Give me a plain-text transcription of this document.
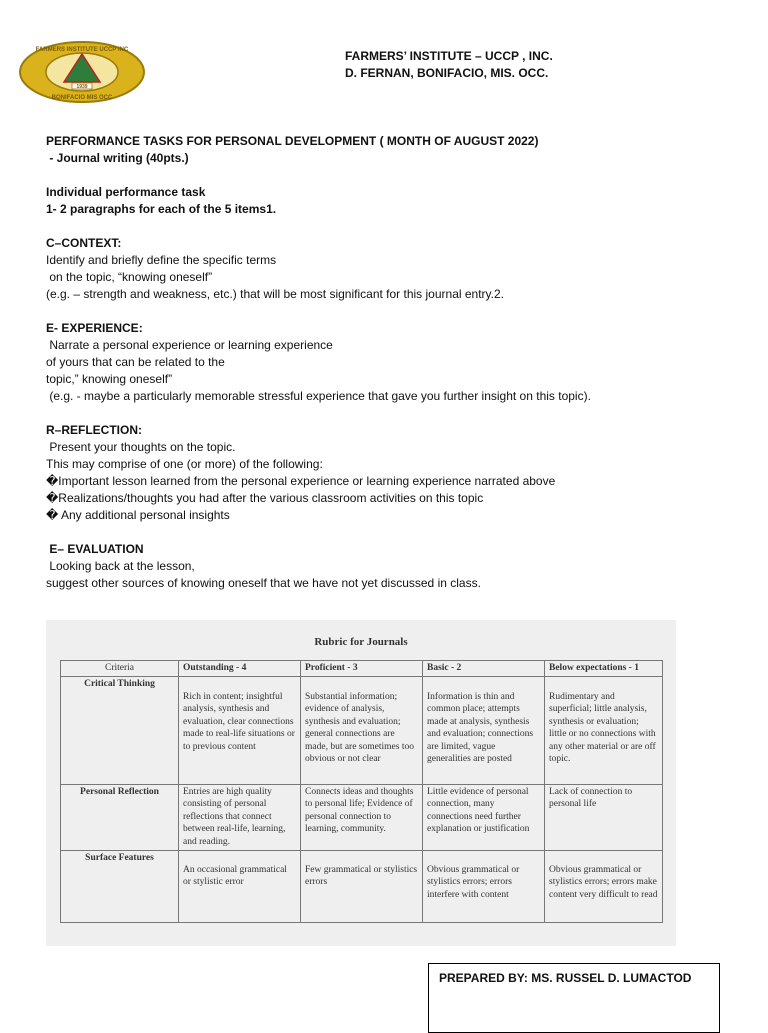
1939
FARMERS INSTITUTE UCCP INC
BONIFACIO MIS OCC
FARMERS’ INSTITUTE – UCCP , INC.
D. FERNAN, BONIFACIO, MIS. OCC.
PERFORMANCE TASKS FOR PERSONAL DEVELOPMENT ( MONTH OF AUGUST 2022)
- Journal writing (40pts.)
Individual performance task
1- 2 paragraphs for each of the 5 items1.
C–CONTEXT:
Identify and briefly define the specific terms
on the topic, “knowing oneself”
(e.g. – strength and weakness, etc.) that will be most significant for this journal entry.2.
E- EXPERIENCE:
Narrate a personal experience or learning experience
of yours that can be related to the
topic,” knowing oneself”
(e.g. - maybe a particularly memorable stressful experience that gave you further insight on this topic).
R–REFLECTION:
Present your thoughts on the topic.
This may comprise of one (or more) of the following:
�Important lesson learned from the personal experience or learning experience narrated above
�Realizations/thoughts you had after the various classroom activities on this topic
� Any additional personal insights
E– EVALUATION
Looking back at the lesson,
suggest other sources of knowing oneself that we have not yet discussed in class.
Rubric for Journals
Criteria	Outstanding - 4	Proficient - 3	Basic - 2	Below expectations - 1
Critical Thinking	Rich in content; insightful analysis, synthesis and evaluation, clear connections made to real-life situations or to previous content	Substantial information; evidence of analysis, synthesis and evaluation; general connections are made, but are sometimes too obvious or not clear	Information is thin and common place; attempts made at analysis, synthesis and evaluation; connections are limited, vague generalities are posted	Rudimentary and superficial; little analysis, synthesis or evaluation; little or no connections with any other material or are off topic.

Personal Reflection	Entries are high quality consisting of personal reflections that connect between real-life, learning, and reading.	Connects ideas and thoughts to personal life; Evidence of personal connection to learning, community.	Little evidence of personal connection, many connections need further explanation or justification	Lack of connection to personal life
Surface Features	An occasional grammatical or stylistic error	Few grammatical or stylistics errors	Obvious grammatical or stylistics errors; errors interfere with content	Obvious grammatical or stylistics errors; errors make content very difficult to read
PREPARED BY: MS. RUSSEL D. LUMACTOD
